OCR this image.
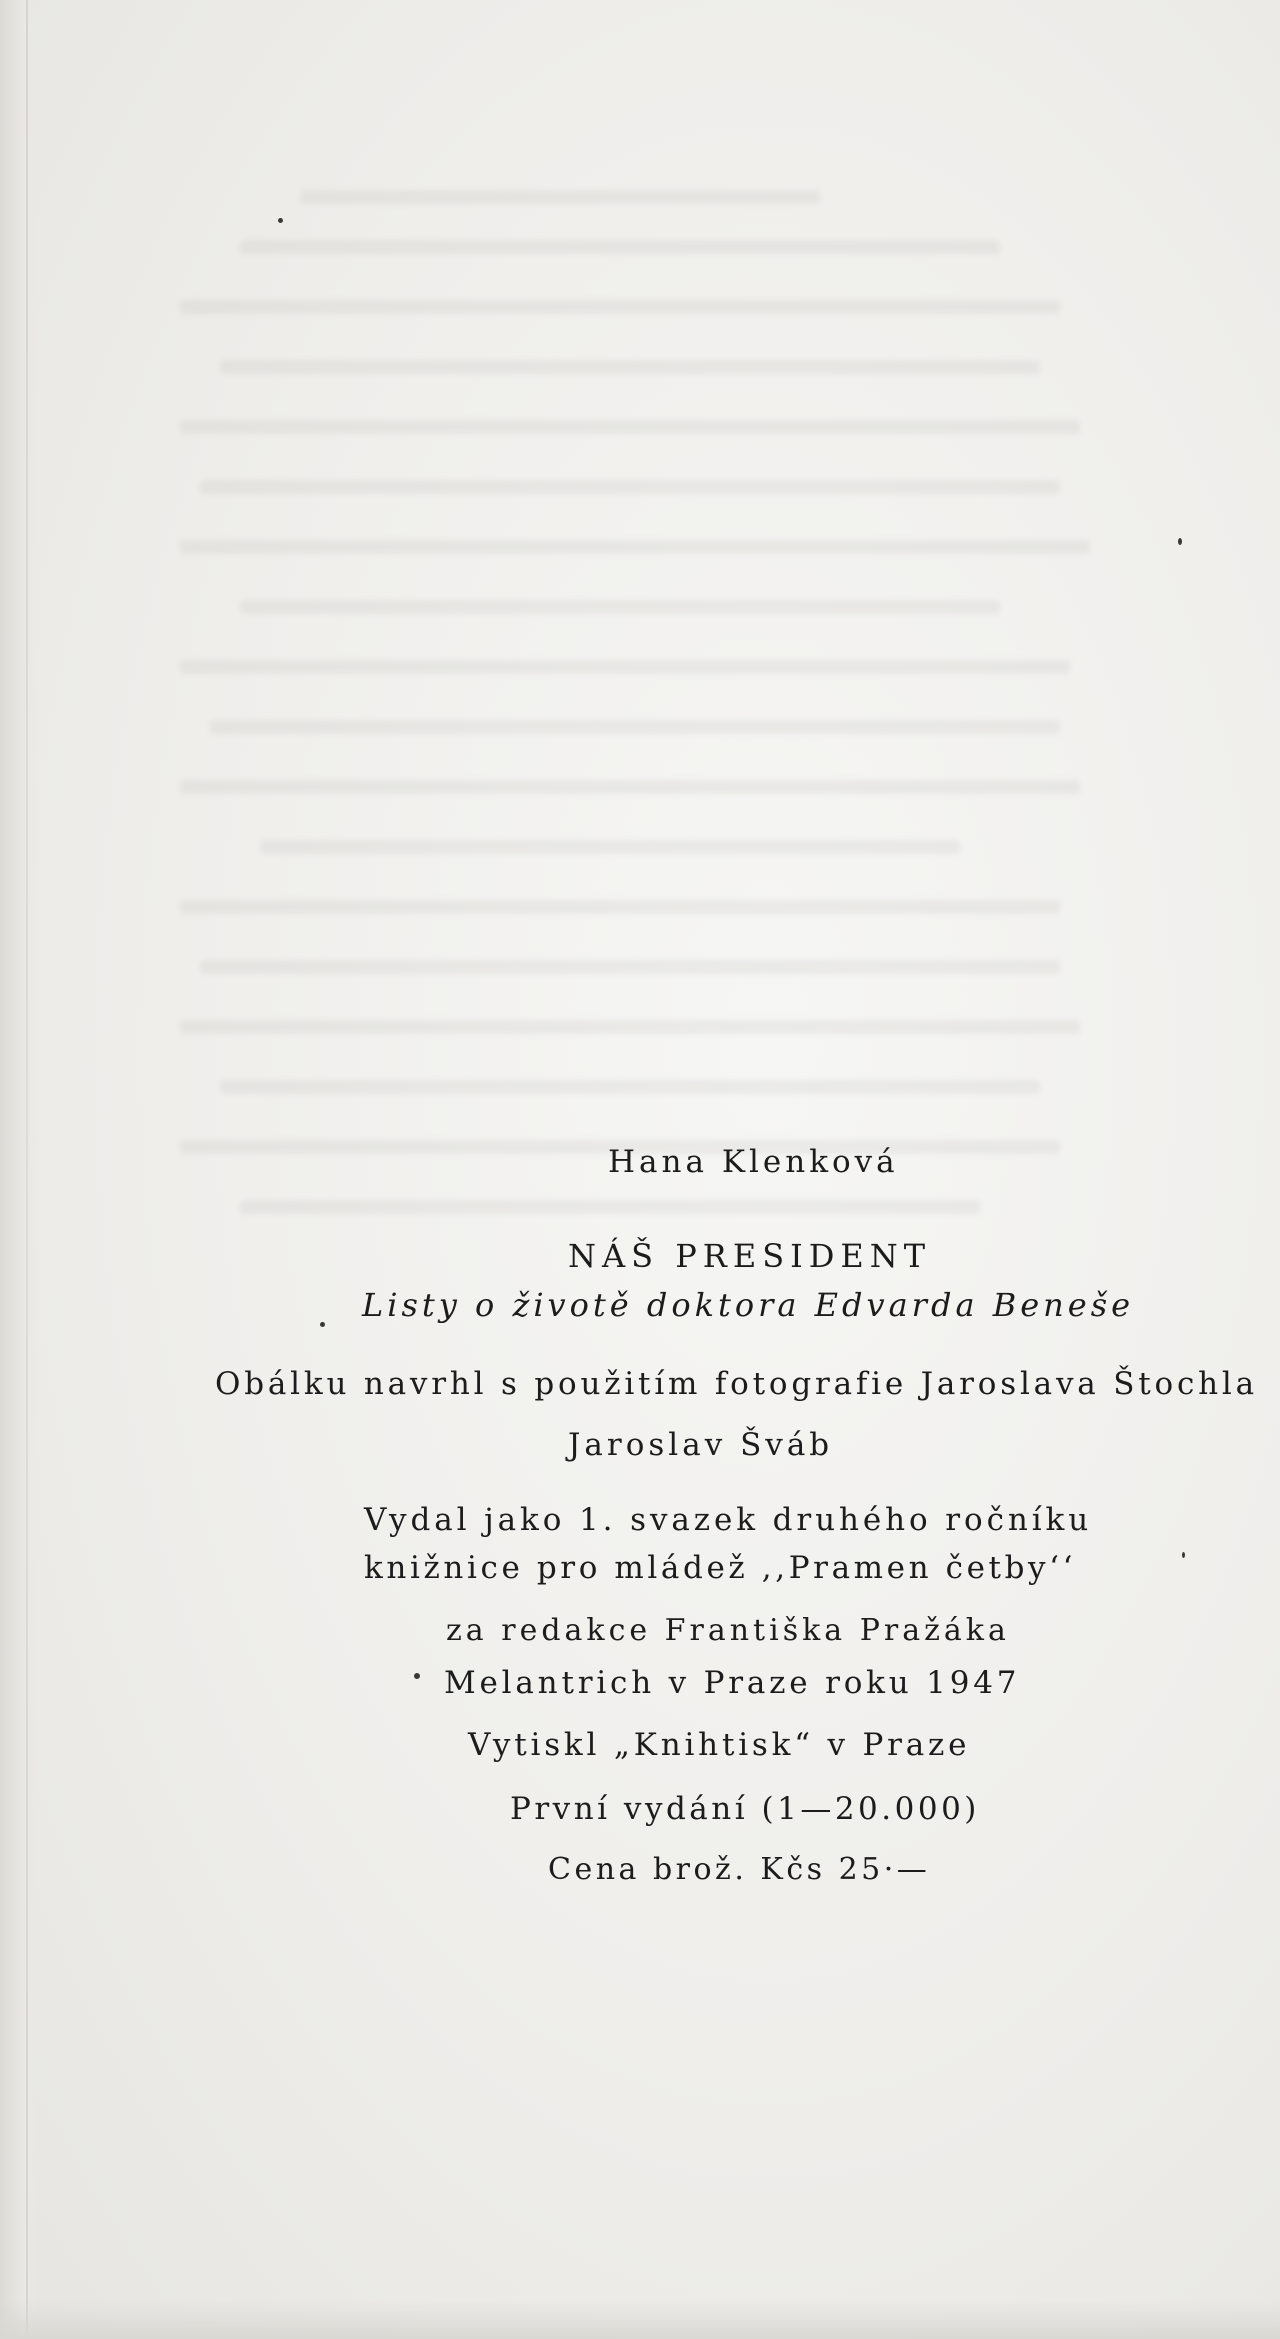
Hana Klenková
NÁŠ PRESIDENT
Listy o životě doktora Edvarda Beneše
Obálku navrhl s použitím fotografie Jaroslava Štochla
Jaroslav Šváb
Vydal jako 1. svazek druhého ročníku
knižnice pro mládež ,,Pramen četby‘‘
za redakce Františka Pražáka
Melantrich v Praze roku 1947
Vytiskl „Knihtisk“ v Praze
První vydání (1—20.000)
Cena brož. Kčs 25·—
